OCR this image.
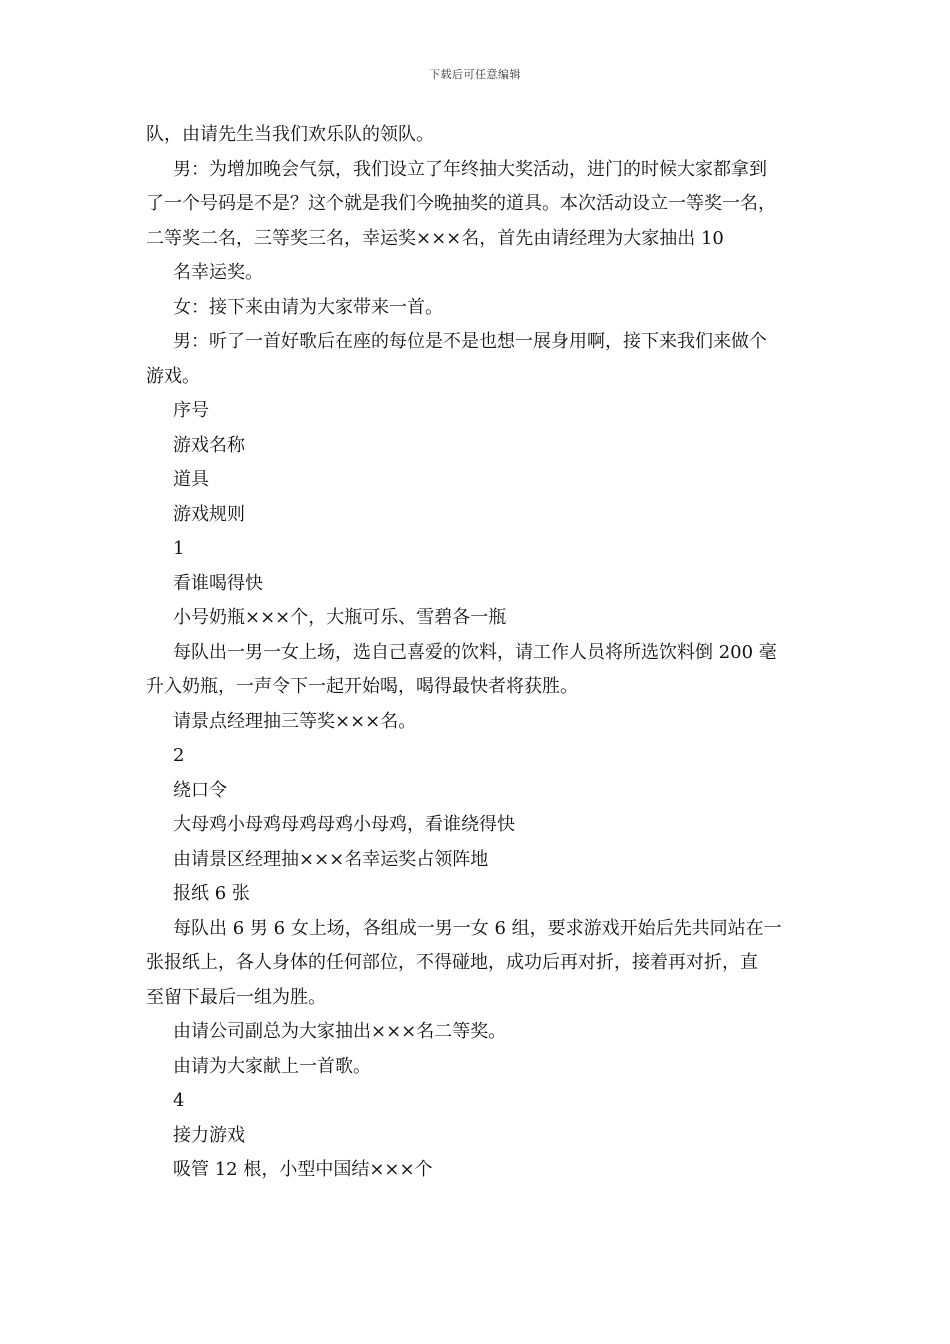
下载后可任意编辑

队，由请先生当我们欢乐队的领队。

男：为增加晚会气氛，我们设立了年终抽大奖活动，进门的时候大家都拿到

了一个号码是不是？这个就是我们今晚抽奖的道具。本次活动设立一等奖一名，

二等奖二名，三等奖三名，幸运奖×××名，首先由请经理为大家抽出 10

名幸运奖。

女：接下来由请为大家带来一首。

男：听了一首好歌后在座的每位是不是也想一展身用啊，接下来我们来做个

游戏。

序号

游戏名称

道具

游戏规则

1

看谁喝得快

小号奶瓶×××个，大瓶可乐、雪碧各一瓶

每队出一男一女上场，选自己喜爱的饮料，请工作人员将所选饮料倒 200 毫

升入奶瓶，一声令下一起开始喝，喝得最快者将获胜。

请景点经理抽三等奖×××名。

2

绕口令

大母鸡小母鸡母鸡母鸡小母鸡，看谁绕得快

由请景区经理抽×××名幸运奖占领阵地

报纸 6 张

每队出 6 男 6 女上场，各组成一男一女 6 组，要求游戏开始后先共同站在一

张报纸上，各人身体的任何部位，不得碰地，成功后再对折，接着再对折，直

至留下最后一组为胜。

由请公司副总为大家抽出×××名二等奖。

由请为大家献上一首歌。

4

接力游戏

吸管 12 根，小型中国结×××个
